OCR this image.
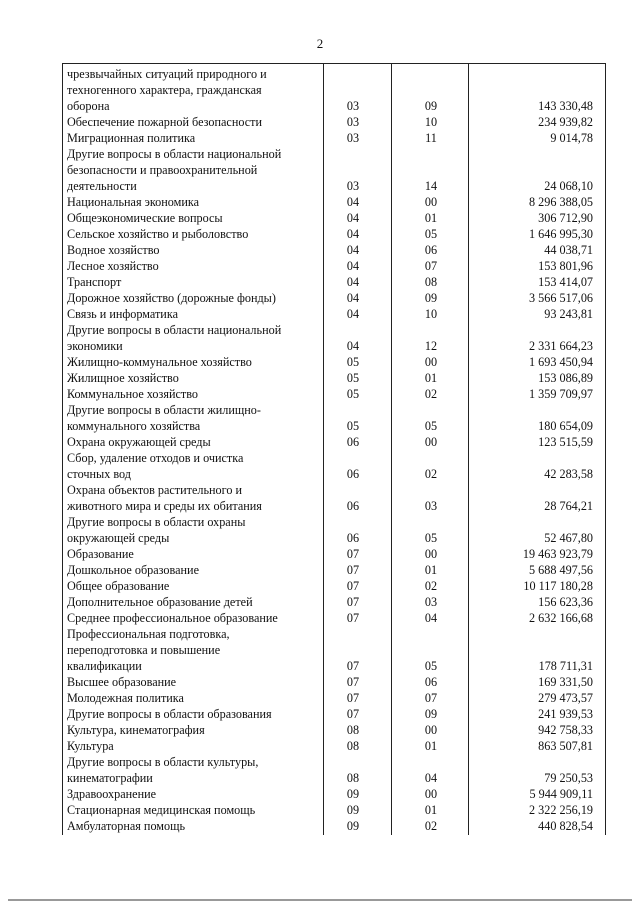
2
чрезвычайных ситуаций природного и
техногенного характера, гражданская
оборона	03	09	143 330,48
Обеспечение пожарной безопасности	03	10	234 939,82
Миграционная политика	03	11	9 014,78
Другие вопросы в области национальной
безопасности и правоохранительной
деятельности	03	14	24 068,10
Национальная экономика	04	00	8 296 388,05
Общеэкономические вопросы	04	01	306 712,90
Сельское хозяйство и рыболовство	04	05	1 646 995,30
Водное хозяйство	04	06	44 038,71
Лесное хозяйство	04	07	153 801,96
Транспорт	04	08	153 414,07
Дорожное хозяйство (дорожные фонды)	04	09	3 566 517,06
Связь и информатика	04	10	93 243,81
Другие вопросы в области национальной
экономики	04	12	2 331 664,23
Жилищно-коммунальное хозяйство	05	00	1 693 450,94
Жилищное хозяйство	05	01	153 086,89
Коммунальное хозяйство	05	02	1 359 709,97
Другие вопросы в области жилищно-
коммунального хозяйства	05	05	180 654,09
Охрана окружающей среды	06	00	123 515,59
Сбор, удаление отходов и очистка
сточных вод	06	02	42 283,58
Охрана объектов растительного и
животного мира и среды их обитания	06	03	28 764,21
Другие вопросы в области охраны
окружающей среды	06	05	52 467,80
Образование	07	00	19 463 923,79
Дошкольное образование	07	01	5 688 497,56
Общее образование	07	02	10 117 180,28
Дополнительное образование детей	07	03	156 623,36
Среднее профессиональное образование	07	04	2 632 166,68
Профессиональная подготовка,
переподготовка и повышение
квалификации	07	05	178 711,31
Высшее образование	07	06	169 331,50
Молодежная политика	07	07	279 473,57
Другие вопросы в области образования	07	09	241 939,53
Культура, кинематография	08	00	942 758,33
Культура	08	01	863 507,81
Другие вопросы в области культуры,
кинематографии	08	04	79 250,53
Здравоохранение	09	00	5 944 909,11
Стационарная медицинская помощь	09	01	2 322 256,19
Амбулаторная помощь	09	02	440 828,54
